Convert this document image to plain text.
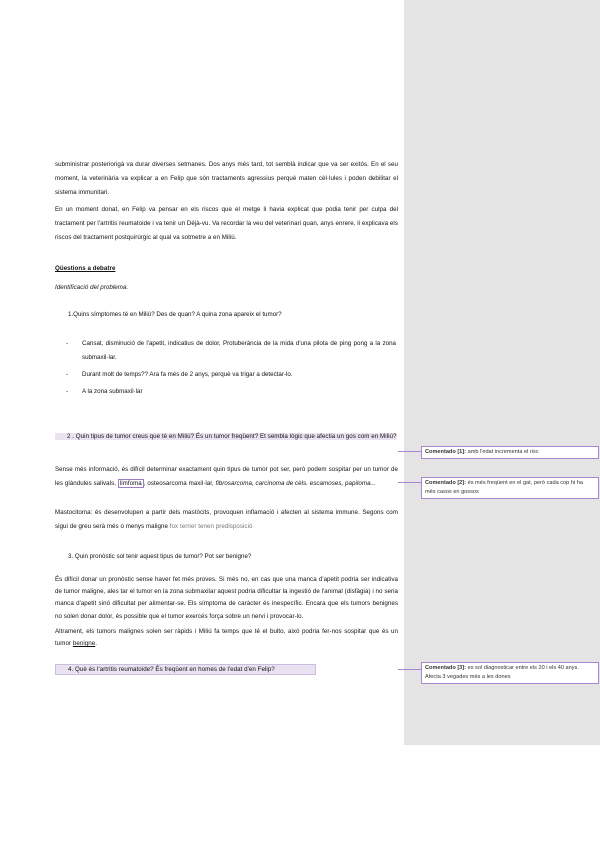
subministrar posteriorigà va durar diverses setmanes. Dos anys més tard, tot semblà indicar que va ser exitós. En el seu moment, la veterinària va explicar a en Felip que són tractaments agressius perquè maten cèl·lules i poden debilitar el sistema immunitari.
En un moment donat, en Felip va pensar en els riscos que el metge li havia explicat que podia tenir per culpa del tractament per l'artritis reumatoide i va tenir un Déjà-vu. Va recordar la veu del veterinari quan, anys enrere, li explicava els riscos del tractament postquirúrgic al qual va sotmetre a en Miliú.
Qüestions a debatre
Identificació del problema.
1.Quins símptomes té en Miliú? Des de quan? A quina zona apareix el tumor?
- Cansat, disminució de l'apetit, indicatius de dolor, Protuberància de la mida d'una pilota de ping pong a la zona submaxil·lar.
- Durant molt de temps?? Ara fa més de 2 anys, perquè va trigar a detectar-lo.
- A la zona submaxil·lar
2 . Quin tipus de tumor creus que té en Miliú? És un tumor freqüent? Et sembla lògic que afectia un gos com en Miliú?
Sense més informació, és difícil determinar exactament quin tipus de tumor pot ser, però podem sospitar per un tumor de les glàndules salivals, limfoma , osteosarcoma maxil·lar, fibrosarcoma, carcinoma de cèls. escamoses, papiloma...
Mastocitoma: és desenvolupen a partir dels mastòcits, provoquen inflamació i afecten al sistema immune. Segons com sigui de greu serà més o menys maligne fox terrier tenen predisposició
3. Quin pronòstic sol tenir aquest tipus de tumor? Pot ser benigne?
És difícil donar un pronòstic sense haver fet més proves. Si més no, en cas que una manca d'apetit podria ser indicativa de tumor maligne, ales tar el tumor en la zona submaxilar aquest podria dificultar la ingestió de l'animal (disfàgia) i no seria manca d'apetit sinó dificultat per alimentar-se. Els símptoma de caràcter és inespecífic. Encara que els tumors benignes no solen donar dolor, és possible que el tumor exercés força sobre un nervi i provocar-lo.
Altrament, els tumors malignes solen ser ràpids i Miliú fa temps que té el bulto, això podria fer-nos sospitar que és un tumor benigne.
4. Què és l'artritis reumatoide? És freqüent en homes de l'edat d'en Felip?
Comentado [1]: amb l'edat incrementa el risc
Comentado [2]: és més freqüent en el gat, però cada cop hi ha més casos en gossos
Comentado [3]: es sol diagnosticar entre els 20 i els 40 anys. Afecta 3 vegades més a les dones
